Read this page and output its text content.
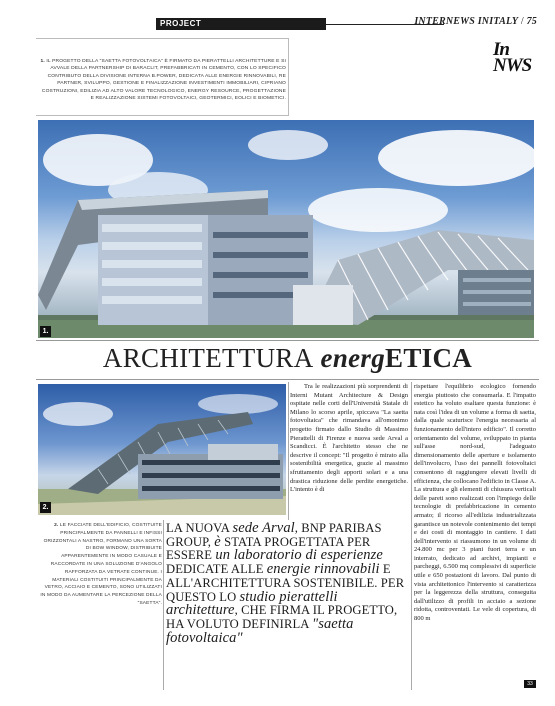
PROJECT	INTERNEWS INITALY / 75
1. IL PROGETTO DELLA "SAETTA FOTOVOLTAICA" È FIRMATO DA PIERATTELLI ARCHITETTURE E SI AVVALE DELLA PARTNERSHIP DI BARACLIT, PREFABBRICATI IN CEMENTO, CON LO SPECIFICO CONTRIBUTO DELLA DIVISIONE INTERNA B.POWER, DEDICATA ALLE ENERGIE RINNOVABILI, RE PARTNER, SVILUPPO, GESTIONE E FINALIZZAZIONE INVESTIMENTI IMMOBILIARI, CIPRIANO COSTRUZIONI, EDILIZIA AD ALTO VALORE TECNOLOGICO, ENERGY RESOURCE, PROGETTAZIONE E REALIZZAZIONE SISTEMI FOTOVOLTAICI, GEOTERMICI, EOLICI E BIOMETICI.
In
NWS
1.
ARCHITETTURA energETICA
2.
2. LE FACCIATE DELL'EDIFICIO, COSTITUITE PRINCIPALMENTE DA PANNELLI E INFISSI ORIZZONTALI A NASTRO, FORMANO UNA SORTA DI BOW WINDOW, DISTRIBUITE APPARENTEMENTE IN MODO CASUALE E RACCORDATE IN UNA SOLUZIONE D'ANGOLO RAFFORZATA DA VETRATE CONTINUE. I MATERIALI COSTITUITI PRINCIPALMENTE DA VETRO, ACCIAIO E CEMENTO, SONO UTILIZZATI IN MODO DA AUMENTARE LA PERCEZIONE DELLA "SAETTA".
LA NUOVA sede Arval, BNP PARIBAS GROUP, è STATA PROGETTATA PER ESSERE un laboratorio di esperienze DEDICATE ALLE energie rinnovabili E ALL'ARCHITETTURA SOSTENIBILE. PER QUESTO LO studio pierattelli architetture, CHE FIRMA IL PROGETTO, HA VOLUTO DEFINIRLA "saetta fotovoltaica"
Tra le realizzazioni più sorprendenti di Interni Mutant Architecture & Design ospitate nelle corti dell'Università Statale di Milano lo scorso aprile, spiccava "La saetta fotovoltaica" che rimandava all'omonimo progetto firmato dallo Studio di Massimo Pierattelli di Firenze e nuova sede Arval a Scandicci. È l'architetto stesso che ne descrive il concept: "Il progetto è mirato alla sostenibilità energetica, grazie al massimo sfruttamento degli apporti solari e a una drastica riduzione delle perdite energetiche. L'intento è di
rispettare l'equilibrio ecologico fornendo energia piuttosto che consumarla. E l'impatto estetico ha voluto esaltare questa funzione: è nata così l'idea di un volume a forma di saetta, dalla quale scaturisce l'energia necessaria al funzionamento dell'intero edificio". Il corretto orientamento del volume, sviluppato in pianta sull'asse nord-sud, l'adeguato dimensionamento delle aperture e isolamento dell'involucro, l'uso dei pannelli fotovoltaici consentono di raggiungere elevati livelli di efficienza, che collocano l'edificio in Classe A. La struttura e gli elementi di chiusura verticali delle pareti sono realizzati con l'impiego delle tecnologie di prefabbricazione in cemento armato; il ricorso all'edilizia industrializzata garantisce un notevole contenimento dei tempi e dei costi di montaggio in cantiere. I dati dell'intervento si riassumono in un volume di 24.800 mc per 3 piani fuori terra e un interrato, dedicato ad archivi, impianti e parcheggi, 6.500 mq complessivi di superficie utile e 650 postazioni di lavoro. Dal punto di vista architettonico l'intervento si caratterizza per la leggerezza della struttura, conseguita dall'utilizzo di profili in acciaio a sezione ridotta, controventati. Le vele di copertura, di 800 m
33
